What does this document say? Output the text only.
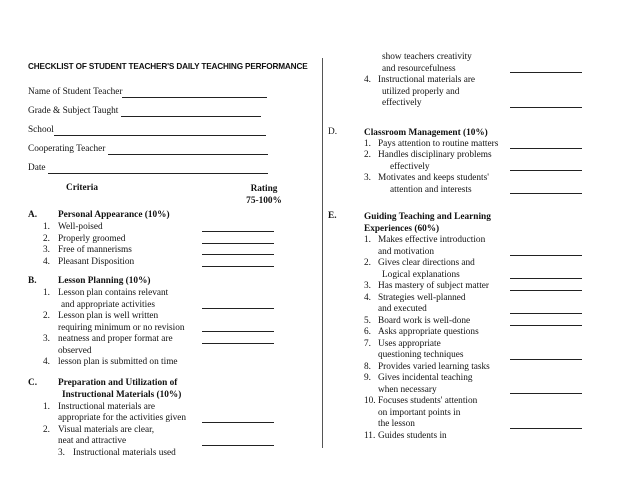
CHECKLIST OF STUDENT TEACHER'S DAILY TEACHING PERFORMANCE
Name of Student Teacher
Grade & Subject Taught
School
Cooperating Teacher
Date
Criteria	Rating
75-100%
A. Personal Appearance (10%)
1. Well-poised
2. Properly groomed
3. Free of mannerisms
4. Pleasant Disposition
B. Lesson Planning (10%)
1. Lesson plan contains relevant
and appropriate activities
2. Lesson plan is well written
requiring minimum or no revision
3. neatness and proper format are
observed
4. lesson plan is submitted on time
C. Preparation and Utilization of
Instructional Materials (10%)
1. Instructional materials are
appropriate for the activities given
2. Visual materials are clear,
neat and attractive
3. Instructional materials used
show teachers creativity
and resourcefulness
4. Instructional materials are
utilized properly and
effectively
D.	Classroom Management (10%)
1. Pays attention to routine matters
2. Handles disciplinary problems
effectively
3. Motivates and keeps students'
attention and interests
E.	Guiding Teaching and Learning
Experiences (60%)
1. Makes effective introduction
and motivation
2. Gives clear directions and
Logical explanations
3. Has mastery of subject matter
4. Strategies well-planned
and executed
5. Board work is well-done
6. Asks appropriate questions
7. Uses appropriate
questioning techniques
8. Provides varied learning tasks
9. Gives incidental teaching
when necessary
10. Focuses students' attention
on important points in
the lesson
11. Guides students in
